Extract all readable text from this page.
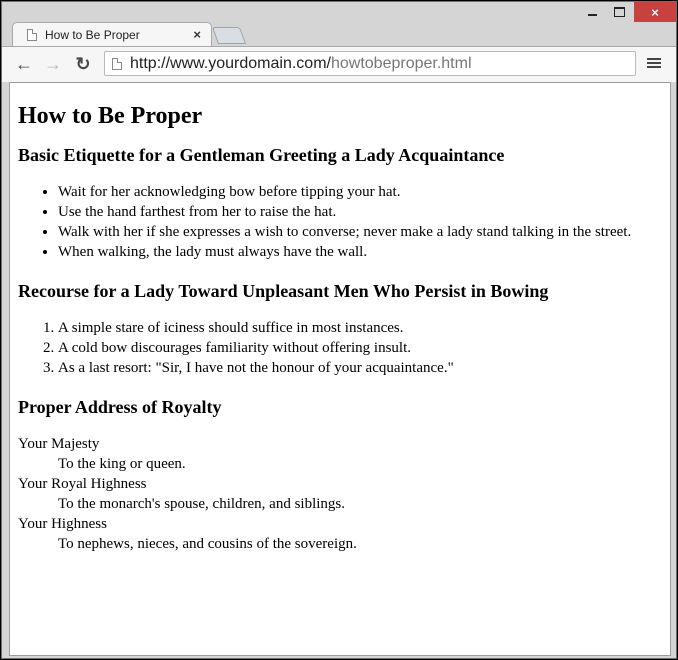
×
How to Be Proper	×
← → ↻ http://www.yourdomain.com/howtobeproper.html
How to Be Proper
Basic Etiquette for a Gentleman Greeting a Lady Acquaintance
• Wait for her acknowledging bow before tipping your hat.
• Use the hand farthest from her to raise the hat.
• Walk with her if she expresses a wish to converse; never make a lady stand talking in the street.
• When walking, the lady must always have the wall.
Recourse for a Lady Toward Unpleasant Men Who Persist in Bowing
1. A simple stare of iciness should suffice in most instances.
2. A cold bow discourages familiarity without offering insult.
3. As a last resort: "Sir, I have not the honour of your acquaintance."
Proper Address of Royalty
Your Majesty
To the king or queen.
Your Royal Highness
To the monarch's spouse, children, and siblings.
Your Highness
To nephews, nieces, and cousins of the sovereign.
